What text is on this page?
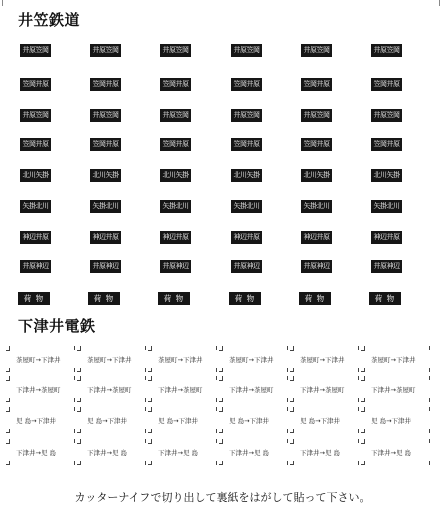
井笠鉄道
井原笠岡	井原笠岡	井原笠岡	井原笠岡	井原笠岡	井原笠岡
笠岡井原	笠岡井原	笠岡井原	笠岡井原	笠岡井原	笠岡井原
井原笠岡	井原笠岡	井原笠岡	井原笠岡	井原笠岡	井原笠岡
笠岡井原	笠岡井原	笠岡井原	笠岡井原	笠岡井原	笠岡井原
北川矢掛	北川矢掛	北川矢掛	北川矢掛	北川矢掛	北川矢掛
矢掛北川	矢掛北川	矢掛北川	矢掛北川	矢掛北川	矢掛北川
神辺井原	神辺井原	神辺井原	神辺井原	神辺井原	神辺井原
井原神辺	井原神辺	井原神辺	井原神辺	井原神辺	井原神辺
荷 物	荷 物	荷 物	荷 物	荷 物	荷 物
下津井電鉄
茶屋町→下津井	茶屋町→下津井	茶屋町→下津井	茶屋町→下津井	茶屋町→下津井	茶屋町→下津井
下津井→茶屋町	下津井→茶屋町	下津井→茶屋町	下津井→茶屋町	下津井→茶屋町	下津井→茶屋町
児 島→下津井	児 島→下津井	児 島→下津井	児 島→下津井	児 島→下津井	児 島→下津井
下津井→児 島	下津井→児 島	下津井→児 島	下津井→児 島	下津井→児 島	下津井→児 島
カッターナイフで切り出して裏紙をはがして貼って下さい。
